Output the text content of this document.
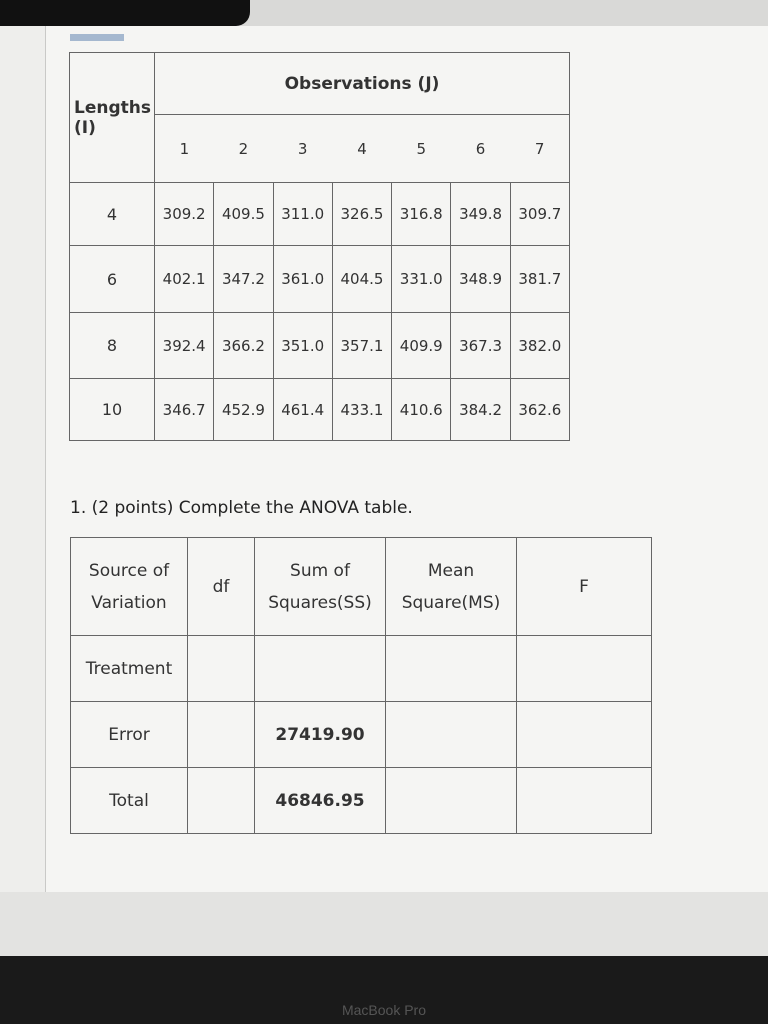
Lengths (I)	Observations (J)						
	1	2	3	4	5	6	7
4	309.2	409.5	311.0	326.5	316.8	349.8	309.7
6	402.1	347.2	361.0	404.5	331.0	348.9	381.7
8	392.4	366.2	351.0	357.1	409.9	367.3	382.0
10	346.7	452.9	461.4	433.1	410.6	384.2	362.6
1. (2 points) Complete the ANOVA table.
Source of Variation	df	Sum of Squares(SS)	Mean Square(MS)	F
Treatment				
Error		27419.90		
Total		46846.95		
MacBook Pro
